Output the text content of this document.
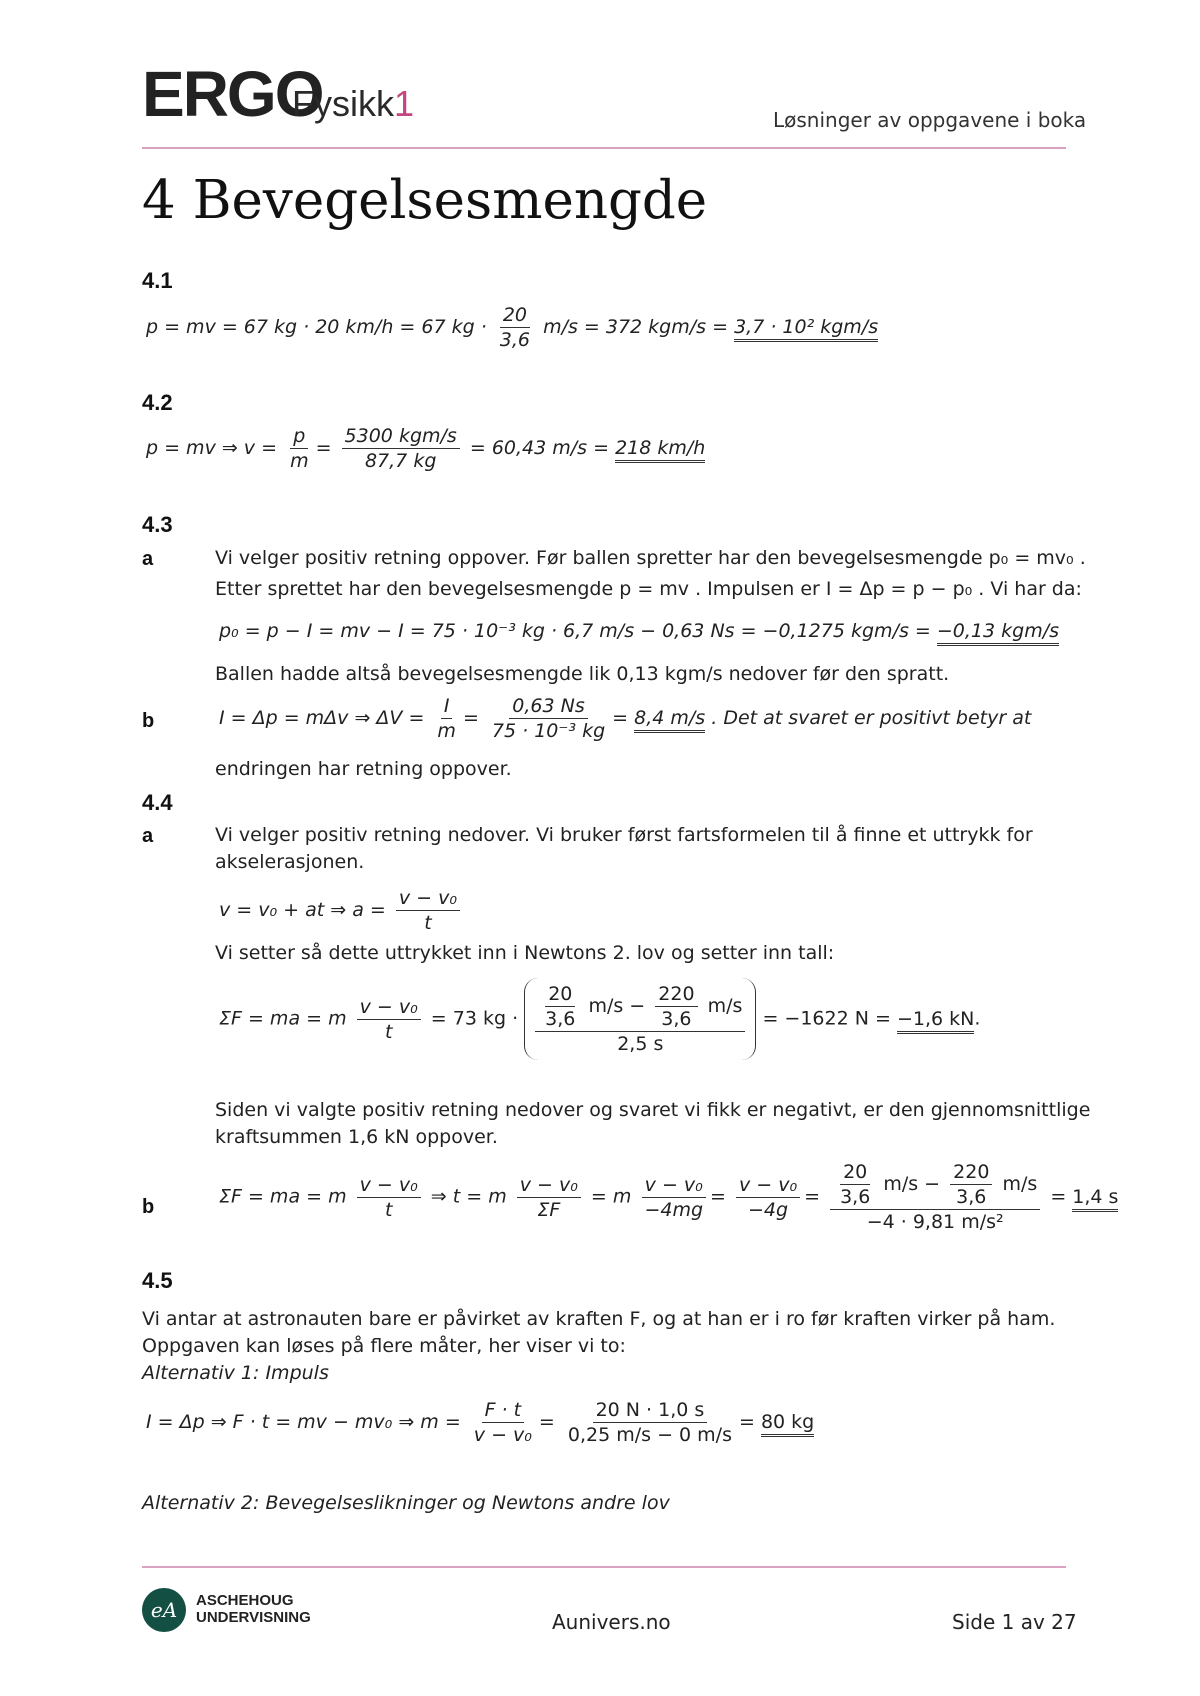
ERGO
Fysikk 1	Løsninger av oppgavene i boka
4 Bevegelsesmengde
4.1
p = mv = 67 kg · 20 km/h = 67 kg · $\frac{20}{3,6} m/s = 372$ kgm/s = 3,7 · 10² kgm/s
4.2
p = mv ⇒ $v = \frac{p}{m} = \frac{\text{5300 kgm/s}}{87,7 kg} = 60,43$ m/s = 218 km/h
4.3
a	Vi velger positiv retning oppover. Før ballen spretter har den bevegelsesmengde p₀ = mv₀ .
Etter sprettet har den bevegelsesmengde p = mv . Impulsen er I = Δp = p − p₀ . Vi har da:
p₀ = p − I = mv − I = 75 · 10⁻³ kg · 6,7 m/s − 0,63 Ns = −0,1275 kgm/s = −0,13 kgm/s
Ballen hadde altså bevegelsesmengde lik 0,13 kgm/s nedover før den spratt.
b	I = Δp = mΔv ⇒ $\Delta V = \frac{I}{m} = \frac{0,63 Ns}{\text{75 · 10⁻³ kg}} = 8,4$ m/s . Det at svaret er positivt betyr at
endringen har retning oppover.
4.4
a	Vi velger positiv retning nedover. Vi bruker først fartsformelen til å finne et uttrykk for
akselerasjonen.
v = v₀ + at ⇒ $a = \frac{\text{v − v₀}}{t}$
Vi setter så dette uttrykket inn i Newtons 2. lov og setter inn tall:
ΣF = ma = m $\frac{\text{v − v₀}}{t} = 73$ kg · $\frac{\frac{20}{3,6} m/s - \frac{220}{3,6} m/s}{2,5 s} = -1622$ N = −1,6 kN.
Siden vi valgte positiv retning nedover og svaret vi fikk er negativt, er den gjennomsnittlige
kraftsummen 1,6 kN oppover.
b	ΣF = ma = m $\frac{\text{v − v₀}}{t}$ ⇒ t = m $\frac{\text{v − v₀}}{\Sigma F} = m \frac{\text{v − v₀}}{-4mg} = \frac{\text{v − v₀}}{-4g} = \frac{\frac{20}{3,6} m/s - \frac{220}{3,6} m/s}{\text{−4 · 9,81 m/s²}} = 1,4$ s
4.5
Vi antar at astronauten bare er påvirket av kraften F, og at han er i ro før kraften virker på ham.
Oppgaven kan løses på flere måter, her viser vi to:
Alternativ 1: Impuls
I = Δp ⇒ F · t = mv − mv₀ ⇒ $m = \frac{F \cdot t}{\text{v − v₀}} = \frac{20 N \cdot 1,0 s}{0,25 m/s - 0 m/s} = 80$ kg
Alternativ 2: Bevegelseslikninger og Newtons andre lov
eA	ASCHEHOUG
UNDERVISNING	Aunivers.no	Side 1 av 27
